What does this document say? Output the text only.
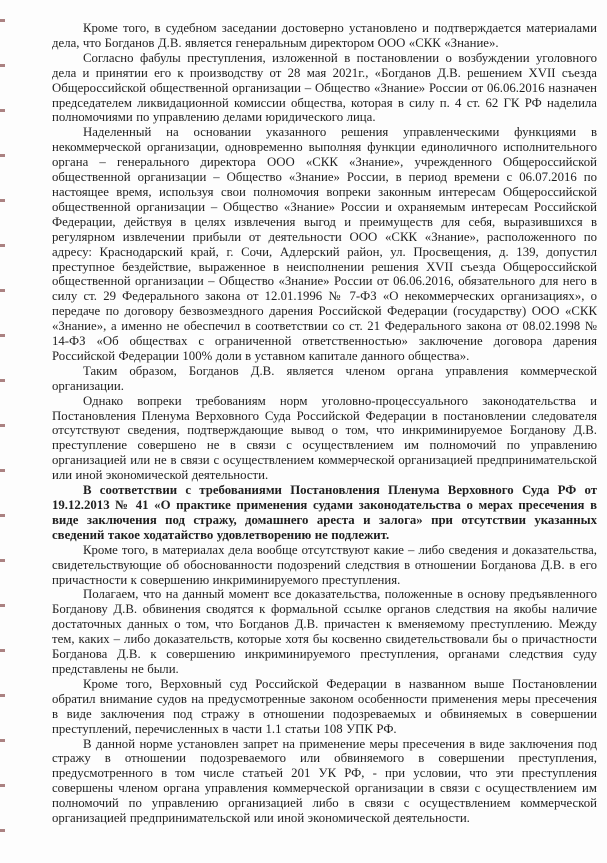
Кроме того, в судебном заседании достоверно установлено и подтверждается материалами дела, что Богданов Д.В. является генеральным директором ООО «СКК «Знание».

Согласно фабулы преступления, изложенной в постановлении о возбуждении уголовного дела и принятии его к производству от 28 мая 2021г., «Богданов Д.В. решением XVII съезда Общероссийской общественной организации – Общество «Знание» России от 06.06.2016 назначен председателем ликвидационной комиссии общества, которая в силу п. 4 ст. 62 ГК РФ наделила полномочиями по управлению делами юридического лица.

Наделенный на основании указанного решения управленческими функциями в некоммерческой организации, одновременно выполняя функции единоличного исполнительного органа – генерального директора ООО «СКК «Знание», учрежденного Общероссийской общественной организации – Общество «Знание» России, в период времени с 06.07.2016 по настоящее время, используя свои полномочия вопреки законным интересам Общероссийской общественной организации – Общество «Знание» России и охраняемым интересам Российской Федерации, действуя в целях извлечения выгод и преимуществ для себя, выразившихся в регулярном извлечении прибыли от деятельности ООО «СКК «Знание», расположенного по адресу: Краснодарский край, г. Сочи, Адлерский район, ул. Просвещения, д. 139, допустил преступное бездействие, выраженное в неисполнении решения XVII съезда Общероссийской общественной организации – Общество «Знание» России от 06.06.2016, обязательного для него в силу ст. 29 Федерального закона от 12.01.1996 № 7-ФЗ «О некоммерческих организациях», о передаче по договору безвозмездного дарения Российской Федерации (государству) ООО «СКК «Знание», а именно не обеспечил в соответствии со ст. 21 Федерального закона от 08.02.1998 № 14-ФЗ «Об обществах с ограниченной ответственностью» заключение договора дарения Российской Федерации 100% доли в уставном капитале данного общества».

Таким образом, Богданов Д.В. является членом органа управления коммерческой организации.

Однако вопреки требованиям норм уголовно-процессуального законодательства и Постановления Пленума Верховного Суда Российской Федерации в постановлении следователя отсутствуют сведения, подтверждающие вывод о том, что инкриминируемое Богданову Д.В. преступление совершено не в связи с осуществлением им полномочий по управлению организацией или не в связи с осуществлением коммерческой организацией предпринимательской или иной экономической деятельности.

В соответствии с требованиями Постановления Пленума Верховного Суда РФ от 19.12.2013 № 41 «О практике применения судами законодательства о мерах пресечения в виде заключения под стражу, домашнего ареста и залога» при отсутствии указанных сведений такое ходатайство удовлетворению не подлежит.

Кроме того, в материалах дела вообще отсутствуют какие – либо сведения и доказательства, свидетельствующие об обоснованности подозрений следствия в отношении Богданова Д.В. в его причастности к совершению инкриминируемого преступления.

Полагаем, что на данный момент все доказательства, положенные в основу предъявленного Богданову Д.В. обвинения сводятся к формальной ссылке органов следствия на якобы наличие достаточных данных о том, что Богданов Д.В. причастен к вменяемому преступлению. Между тем, каких – либо доказательств, которые хотя бы косвенно свидетельствовали бы о причастности Богданова Д.В. к совершению инкриминируемого преступления, органами следствия суду представлены не были.

Кроме того, Верховный суд Российской Федерации в названном выше Постановлении обратил внимание судов на предусмотренные законом особенности применения меры пресечения в виде заключения под стражу в отношении подозреваемых и обвиняемых в совершении преступлений, перечисленных в части 1.1 статьи 108 УПК РФ.

В данной норме установлен запрет на применение меры пресечения в виде заключения под стражу в отношении подозреваемого или обвиняемого в совершении преступления, предусмотренного в том числе статьей 201 УК РФ, - при условии, что эти преступления совершены членом органа управления коммерческой организации в связи с осуществлением им полномочий по управлению организацией либо в связи с осуществлением коммерческой организацией предпринимательской или иной экономической деятельности.
